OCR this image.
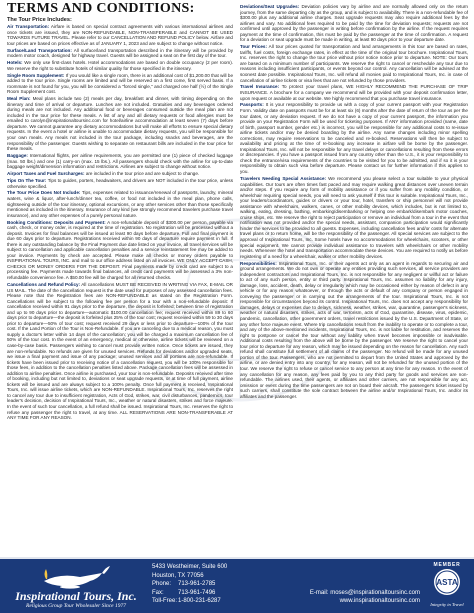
TERMS AND CONDITIONS:
The Tour Price Includes:

Air Transportation: Airfare is based on special contract agreements with various international airlines and once tickets are issued, they are NON-REFUNDABLE, NON-TRANSFERABLE and CANNOT BE USED TOWARDS FUTURE TRAVEL. Please refer to our CANCELLATION AND REFUND POLICY below. Airfare and tour prices are based on prices effective as of JANUARY 1, 2023 and are subject to change without notice.

Surface/Land Transportation: All surface/land transportation described in the itinerary will be provided by modern motor coach, designed for highway travel. Guests will be assigned a seat on the first day of the tour.

Hotels: We only use first-class hotels. Hotel accommodations are based on double occupancy (2 per room). We reserve the right to substitute hotels of similar quality for those specified in the itinerary.

Single Room Supplement: If you would like a single room, there is an additional cost of $1,200.00 that will be added to the tour price. Single rooms are limited and will be reserved on a first come, first served basis. If a roommate is not found for you, you will be considered a "forced single," and charged one half (½) of the Single Room Supplement cost.

Meal Plan: Meal plans include two (2) meals per day, breakfast and dinner, with timing depending on the itinerary and time of arrival or departure. Lunches are not included. Gratuities and any beverages ordered during meals are not included. Any additional food or beverages consumed outside the meal plan are not included in the tour price for these meals. A list of any and all dietary requests or food allergies must be emailed to carolyn@inspirationaltoursinc.com for hotel/airline accommodation at least seven (7) days before departure. We cannot guarantee any dietary accommodations but will make all efforts to ensure special dietary requests. In the event a hotel or airline is unable to accommodate dietary requests, you will be responsible for your own meals. Any meals not included in the tour package, including snacks and beverages, are the responsibility of the passenger. Guests wishing to separate on restaurant bills are included in the tour price for these meals.

Baggage: International flights, per airline requirements, you are permitted one (1) piece of checked luggage (max. 50 lbs.) and one (1) carry-on (max. 15 lbs.). All passengers should check with the airline for up-to-date baggage weight/dimension information and restrictions. Airlines are subject to change without notice.

Airport Taxes and Fuel Surcharges: are included in the tour price and are subject to change.

Tips On The Tour: Tips to guides, porters, headwaiters, and drivers are NOT included in the tour price, unless otherwise specified.

The Tour Price Does Not Include: Tips, expenses related to issuance/renewal of passports, laundry, mineral waters, wine & liquor, after-lunch/dinner tea, coffee, or food not included in the meal plan, phone calls, sightseeing outside of the tour itinerary, optional excursions, or any other services other than those specifically mentioned as included in the itinerary. Insurance of any kind (we strongly recommend travelers purchase travel insurance), and any other expenses of a purely personal nature.

Booking Conditions: Deposits and Payment: A non-refundable deposit of $300.00 per person, payable via cash, check, or money order, is required at the time of registration. No registration will be processed without a deposit. Invoices for final balances will be issued at least 90 days before departure. Full and final payment is due 60 days prior to departure. Registrations received within 90 days of departure require payment in full. If there is any outstanding balance by the Final Payment due date listed on your invoice, all travel services will be subject to cancellation and applicable cancellation penalties and a service reinstatement fee may be added to your invoice. Payments by check are accepted. Please make all checks or money orders payable to INSPIRATIONAL TOURS, INC. and mail to our office address listed on all invoices. WE ONLY ACCEPT CASH, CHECKS OR MONEY ORDERS FOR THE DEPOSIT. Final payments made by credit card are subject to a processing fee. Payments made towards final balances, all credit card payments will be assessed a 3% non-refundable convenience fee. A $50.00 fee will be charged for all returned checks.

Cancellations and Refund Policy: All cancellations MUST BE RECEIVED IN WRITING VIA FAX, E-MAIL OR US MAIL. The date of the cancellation request is the date used for purposes of any assessed cancellation fees. Please note that the Registration fees are NON-REFUNDABLE as stated on the Registration Form. Cancellations will be subject to the following fee per person for a tour with a non-refundable deposit: If cancellation received within 91 days prior to the departure, the deposit is forfeited; between time of registration and up to 90 days prior to departure—automatic $100.00 cancellation fee; request received within 89 to 60 days prior to departure—the deposit is forfeited plus 25% of the tour cost; request received within 59 to 30 days prior to departure—50% of tour cost; request received 29 days or less prior to departure—100% of the tour cost. If the Land Portion of the Tour is Non-Refundable. If you are canceling due to a medical reason, you must supply a doctor's letter within 14 days of the cancellation; you will be charged a maximum cancellation fee of 50% of the tour cost. In the event of an emergency, medical or otherwise, airline tickets will be reviewed on a case-by-case basis. Passengers wishing to cancel must provide written notice. Once tickets are issued, they are non-refundable. No refunds are given for unused services. Refunds for deviations and/or upgraded seats, we issue a final payment and issue of any package; unused services and all portions are non-refundable. If tickets have been issued prior to receiving notice of a cancellation request, you will be 100% responsible for those fees, in addition to the cancellation penalties listed above. Package cancellation fees will be assessed in addition to airline penalties. Once airline is purchased, your tour is non-refundable. Deposits received after time of booking, including but not limited to, deviations or seat upgrade requests, or at time of full payment, airline tickets will be issued and are always subject to a 100% penalty. Once full payment is received, Inspirational Tours, Inc. will issue airline tickets, which are NON-REFUNDABLE. Inspirational Tours, Inc. reserves the right to cancel any tour due to insufficient registration, Acts of God, strikes, war, civil disturbances, pandemics, tour leader's decision, decision of Inspirational Tours, Inc., weather or natural disasters, strikes and force majeure. In the event of such tour cancellation, a full refund shall be issued. Inspirational Tours, Inc. reserves the right to refuse any passenger the right to travel, at any time. ALL RESERVATIONS ARE NON-TRANSFERABLE AT ANY TIME FOR ANY REASON.

Deviations/Seat Upgrades: Deviation policies vary by airline and are normally allowed only on the return journey, from the same departing city as the group, and is subject to availability. There is a non-refundable fee of $300.00 plus any additional airline charges. Seat upgrade requests may also require additional fees by the airlines and vary. No additional fees required to be paid by the time for deviation requests; requests are not confirmed until approved by the passenger in writing before confirmation by the airline. If the request requires payment at the time of confirmation, this must be paid by the passenger at the time of confirmation. A request for a deviation or seat upgrade must be made in writing, at least 90 days prior to your departure date.

Tour Prices: All tour prices quoted for transportation and land arrangements in this tour are based on rates, tariffs, fuel costs, foreign exchange rates, in effect at the time of the original tour brochure. Inspirational Tours, Inc. reserves the right to change the tour price without prior notice notice prior to departure. NOTE: Our tours are based on a minimum number of participants. We reserve the right to cancel or reschedule any tour due to reasons including insufficient participants, or events beyond our control. Any cancellation will be advised at the soonest date possible. Inspirational Tours, Inc. will refund all monies paid to Inspirational Tours, Inc. in case of cancellation of airline tickets or visa fees that are not refunded by those providers.

Travel Insurance: To protect your travel plans, WE HIGHLY RECOMMEND THE PURCHASE OF TRIP INSURANCE. A brochure for a company we recommend will be provided with your deposit confirmation letter, upon request or available at our website. We highly recommend that you purchase travel insurance.

Passports: It is your responsibility to provide us with a copy of your current passport with your Registration Form. Validity date on passports must be for at least six (6) months after the date of return of the tour as per the tour dates, or any deviation request. If we do not have a copy of your current passport, the information you provide on your Registration Form will be used for ticketing purposes. If ANY information provided (name, date of birth, passport number, gender etc.) is incorrect, you will be responsible for any additional costs to re-issue airline tickets and/or may be denied boarding by the airline. Any name changes including minor spelling corrections, may require reservations to be canceled and re-booked. Reservations will then be subject to availability and pricing at the time of re-booking any increase in airfare will be borne by the passenger. Inspirational Tours, Inc. will not be responsible for any travel delays or cancellations resulting from these errors or discrepancies. If you have a passport issued from any country other than the U.S., it is your responsibility to check the entrance/visa requirements of the countries to be visited for you to be admitted, and if so it is your responsibility to obtain such visa before departure. Please contact us for further information if this applies to you.

Travelers Needing Special Assistance: We recommend you please select a tour suitable to your physical capabilities. Our tours are often times fast paced and may require walking great distances over uneven terrain and/or steps. If you require any form of mobility assistance or if you suffer from any mobility condition, or wheelchair requiring special needs, you will need to ask yourself if this tour is suitable. Inspirational Tours, Inc., your leaders/coordinators, guides or drivers or your tour, hotel, transfers or ship personnel will not provide assistance with wheelchairs, walkers, canes, or other mobility devices, which includes, but is not limited to, walking, eating, dressing, bathing, embarking/disembarking or helping one embark/disembark motor coaches, cruise ships, etc. We reserve the right to reject participation or remove an individual from a tour in the event that notification was not provided and/or the special needs, assistant, companion participation would significantly hinder the services to be provided to all guests. Expenses, including cancellation fees and/or costs for alternate travel plans or to return home, will be the responsibility of the passenger. All special services are subject to the approval of Inspirational Tours, Inc. Some hotels have no accommodations for wheelchairs, scooters, or other special equipment. We cannot provide individual assistance to travelers with wheelchairs or other mobility needs. Whenever the hotel and transportation accommodate these devices. You are required to notify us before registering of a need for a wheelchair, walker or other mobility devices.

Responsibilities: Inspirational Tours, Inc. or their agents act only as an agent in regards to securing air and ground arrangements. We do not own or operate any entities providing such services, all service providers are independent contractors and Inspirational Tours, Inc. is not responsible for any negligent or willful act or failure to act of any such person, entity or third party. Inspirational Tours, Inc. assumes no liability for any injury, damage, loss, accident, death, delay or irregularity which may be occasioned either by reason of defect in any vehicle or for any reason whatsoever, or through the acts or default of any company or person engaged in conveying the passenger or in carrying out the arrangements of the tour. Inspirational Tours, Inc. is not responsible for circumstances beyond its control. Inspirational Tours, Inc. does not accept any responsibility for damages, delays or expenses due to delays, sickness, weather, strikes, war, quarantine, passenger's sickness, weather or natural disasters, strikes, acts of war, terrorism, acts of God, quarantine, disease, virus, epidemic, pandemic, cancellation, other government orders, travel restrictions issued by the U.S. Department of State, or any other force majeure event. Where trip cancellations result from the inability to operate or to complete a tour, and any of the above-mentioned incidents, Inspirational Tours, Inc. is not liable for restitution, and reserves the right to postpone or cancel the tour without any liability when travel becomes impossible or inadvisable. Additional costs resulting from the above will be borne by the passenger. We reserve the right to cancel your tour prior to departure for any reason, which may be issued depending on the reason for cancellation. Any such refund shall constitute full settlement of all claims of the passenger. No refund will be made for any unused portion of the tour. Passengers, who are not permitted to depart from the United States and approved by the airline, or are denied entry into any country, for any reason, will not be refunded for the unused portion of the tour. We reserve the right to refuse or cancel service to any person at any time for any reason. In the event of any cancellation for any reason, any fees paid by you to any third party for goods and services are non-refundable. The airlines used, their agents, or affiliates and other carriers, are not responsible for any act, omission or event during the time passengers are not on board their aircraft. The passenger's ticket issued by such carriers, shall constitute the sole contract between the airline and/or Inspirational Tours, Inc. and/or its affiliates and the passenger.

Inspirational Tours, Inc.
Religious Group Tour Wholesaler Since 1977
5433 Westheimer, Suite 600
Houston, TX 77056
Phone: 713-961-2785
Fax: 713-961-7496
Toll-Free:1-800-231-6287
E-mail: moses@inspirationaltoursinc.com
www.inspirationaltoursinc.com
MEMBER
ASTA
Integrity in Travel
